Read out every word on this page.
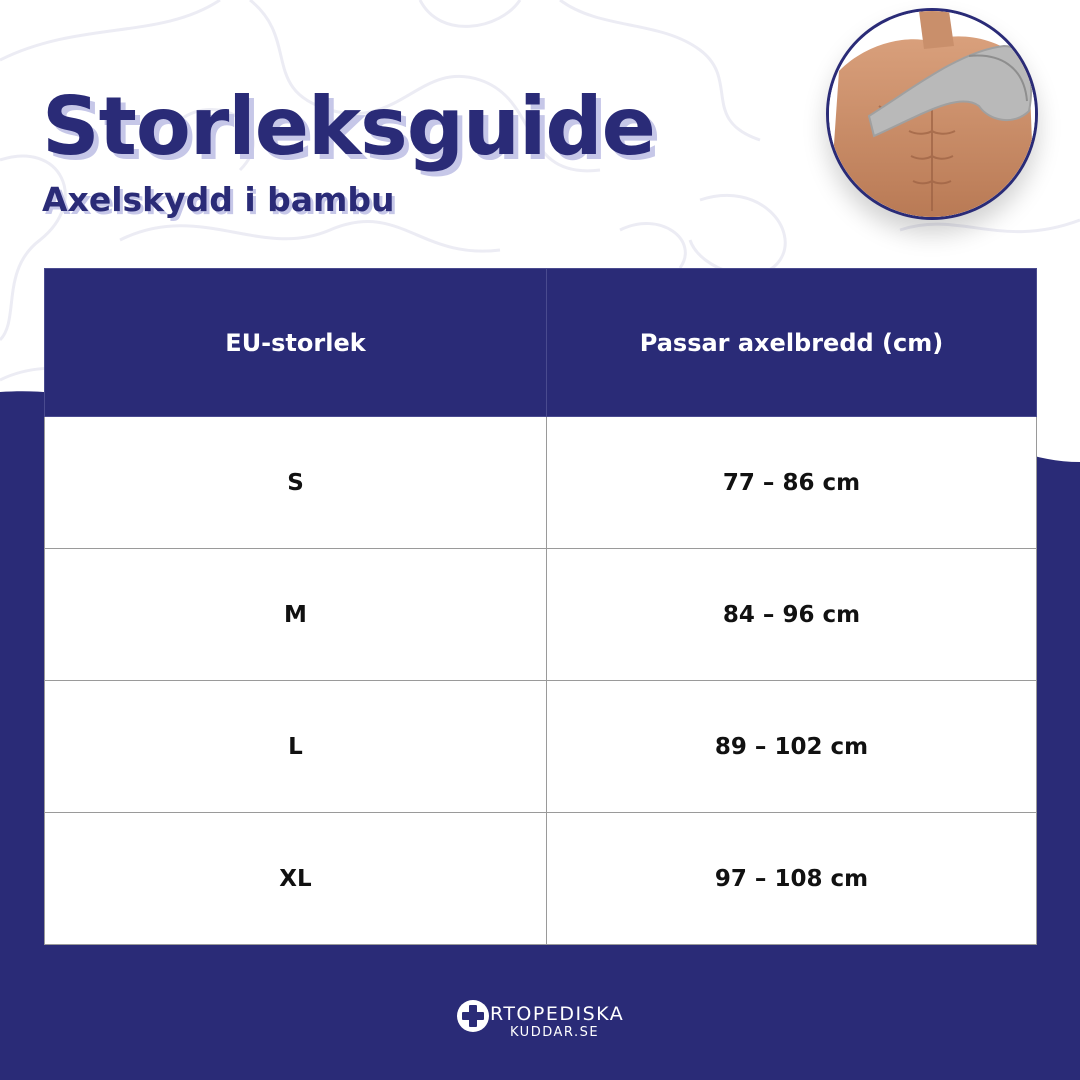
Storleksguide
Axelskydd i bambu
EU-storlek	Passar axelbredd (cm)
S	77 – 86 cm
M	84 – 96 cm
L	89 – 102 cm
XL	97 – 108 cm
RTOPEDISKA
KUDDAR.SE
